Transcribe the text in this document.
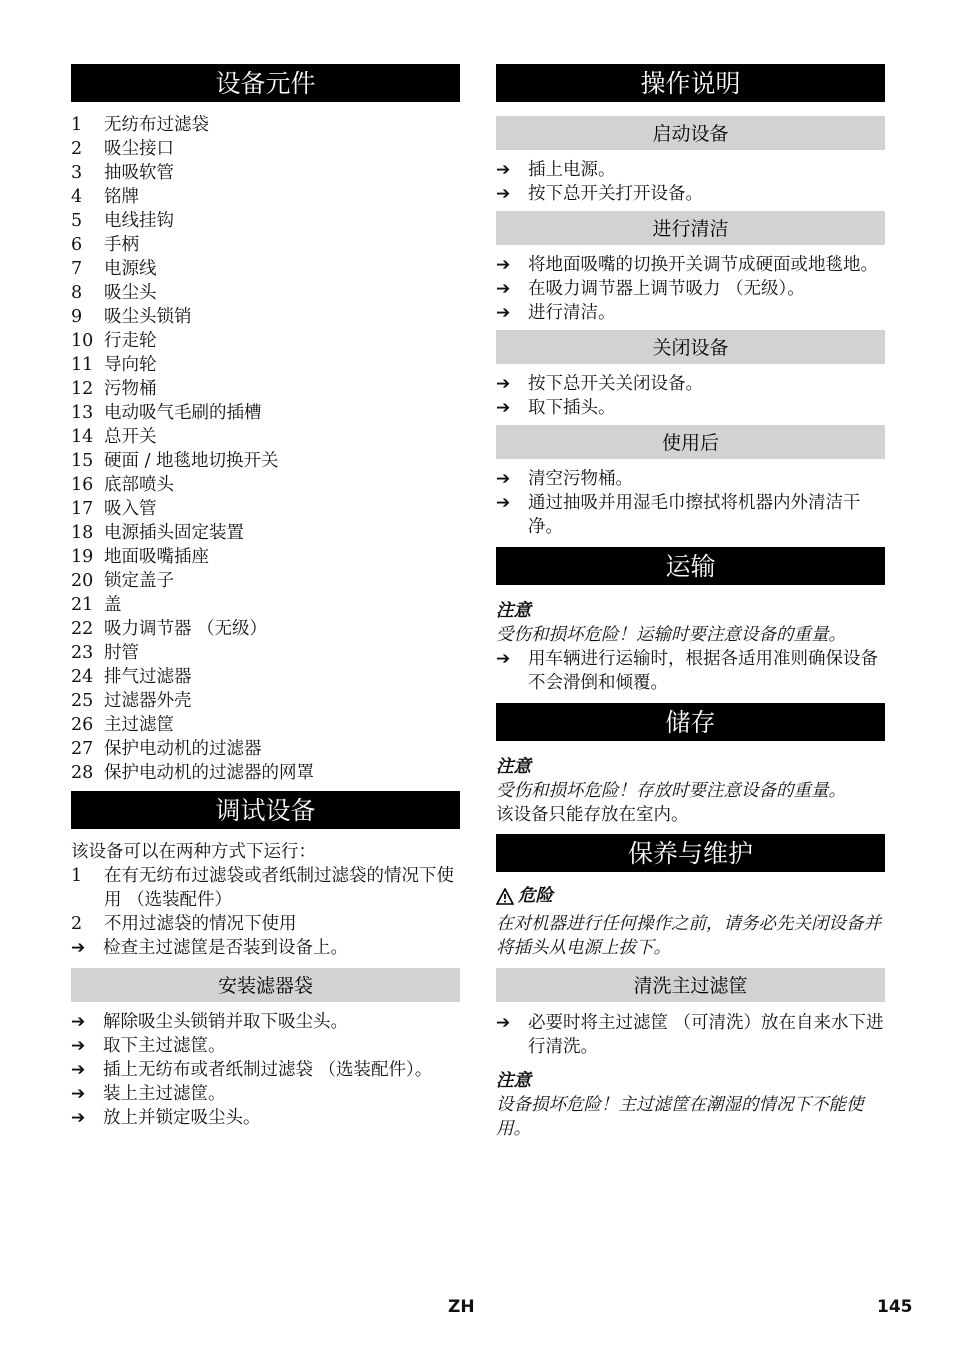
设备元件
1	无纺布过滤袋
2	吸尘接口
3	抽吸软管
4	铭牌
5	电线挂钩
6	手柄
7	电源线
8	吸尘头
9	吸尘头锁销
10 行走轮
11 导向轮
12 污物桶
13 电动吸气毛刷的插槽
14 总开关
15 硬面 / 地毯地切换开关
16 底部喷头
17 吸入管
18 电源插头固定装置
19 地面吸嘴插座
20 锁定盖子
21 盖
22 吸力调节器 （无级）
23 肘管
24 排气过滤器
25 过滤器外壳
26 主过滤筐
27 保护电动机的过滤器
28 保护电动机的过滤器的网罩
调试设备
该设备可以在两种方式下运行：
1	在有无纺布过滤袋或者纸制过滤袋的情况下使用 （选装配件）
2	不用过滤袋的情况下使用
➔	检查主过滤筐是否装到设备上。
安装滤器袋
➔	解除吸尘头锁销并取下吸尘头。
➔	取下主过滤筐。
➔	插上无纺布或者纸制过滤袋 （选装配件）。
➔	装上主过滤筐。
➔	放上并锁定吸尘头。
操作说明
启动设备
➔	插上电源。
➔	按下总开关打开设备。
进行清洁
➔	将地面吸嘴的切换开关调节成硬面或地毯地。
➔	在吸力调节器上调节吸力 （无级）。
➔	进行清洁。
关闭设备
➔	按下总开关关闭设备。
➔	取下插头。
使用后
➔	清空污物桶。
➔	通过抽吸并用湿毛巾擦拭将机器内外清洁干净。
运输
注意
受伤和损坏危险！运输时要注意设备的重量。
➔	用车辆进行运输时，根据各适用准则确保设备不会滑倒和倾覆。
储存
注意
受伤和损坏危险！存放时要注意设备的重量。
该设备只能存放在室内。
保养与维护
危险
在对机器进行任何操作之前，请务必先关闭设备并将插头从电源上拔下。
清洗主过滤筐
➔	必要时将主过滤筐 （可清洗）放在自来水下进行清洗。
注意
设备损坏危险！主过滤筐在潮湿的情况下不能使用。
ZH	145
